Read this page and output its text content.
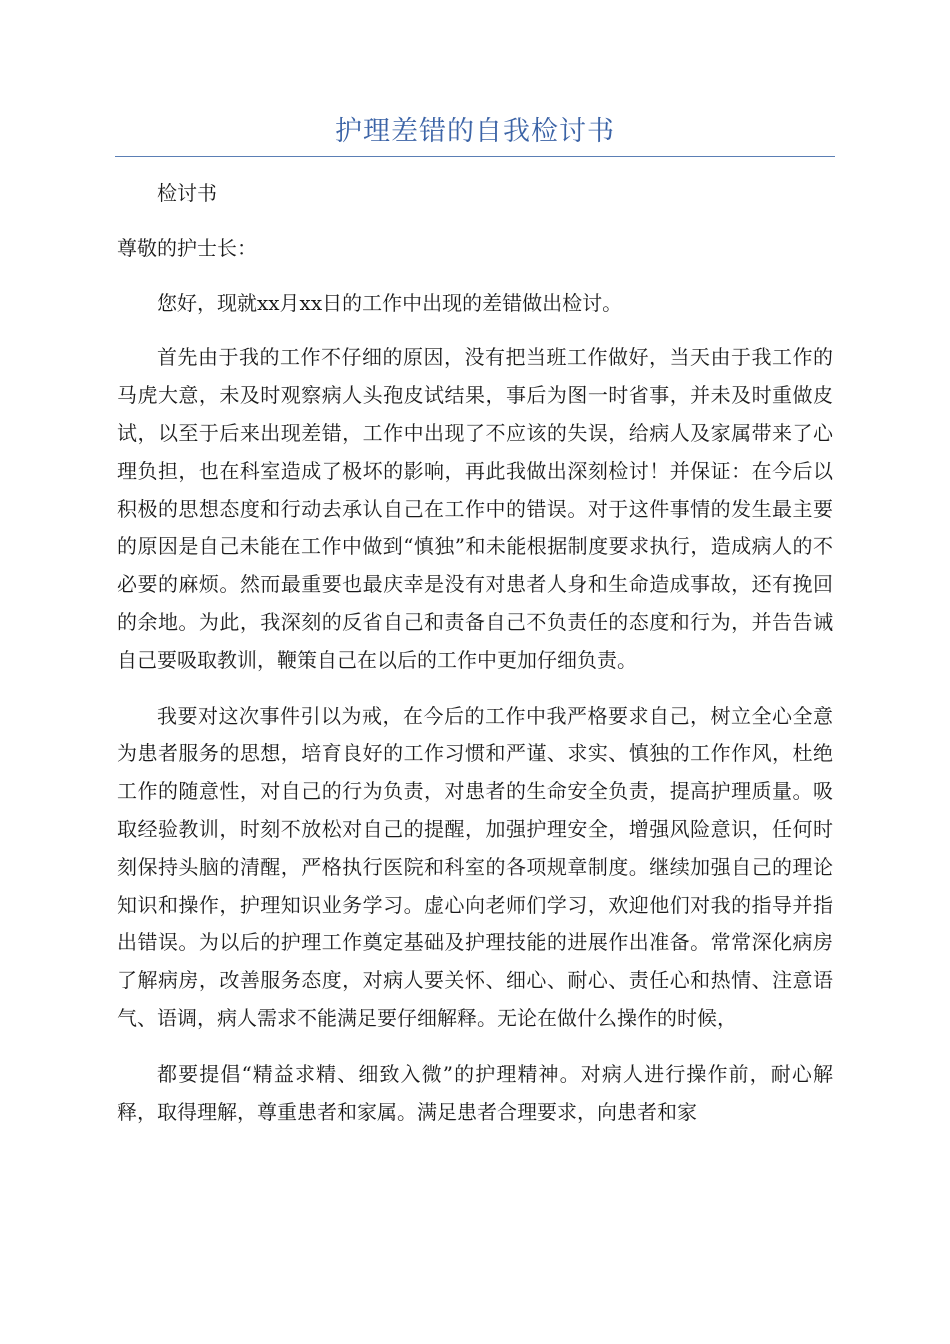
护理差错的自我检讨书

检讨书

尊敬的护士长：

您好，现就xx月xx日的工作中出现的差错做出检讨。

首先由于我的工作不仔细的原因，没有把当班工作做好，当天由于我工作的马虎大意，未及时观察病人头孢皮试结果，事后为图一时省事，并未及时重做皮试，以至于后来出现差错，工作中出现了不应该的失误，给病人及家属带来了心理负担，也在科室造成了极坏的影响，再此我做出深刻检讨！并保证：在今后以积极的思想态度和行动去承认自己在工作中的错误。对于这件事情的发生最主要的原因是自己未能在工作中做到“慎独”和未能根据制度要求执行，造成病人的不必要的麻烦。然而最重要也最庆幸是没有对患者人身和生命造成事故，还有挽回的余地。为此，我深刻的反省自己和责备自己不负责任的态度和行为，并告告诫自己要吸取教训，鞭策自己在以后的工作中更加仔细负责。

我要对这次事件引以为戒，在今后的工作中我严格要求自己，树立全心全意为患者服务的思想，培育良好的工作习惯和严谨、求实、慎独的工作作风，杜绝工作的随意性，对自己的行为负责，对患者的生命安全负责，提高护理质量。吸取经验教训，时刻不放松对自己的提醒，加强护理安全，增强风险意识，任何时刻保持头脑的清醒，严格执行医院和科室的各项规章制度。继续加强自己的理论知识和操作，护理知识业务学习。虚心向老师们学习，欢迎他们对我的指导并指出错误。为以后的护理工作奠定基础及护理技能的进展作出准备。常常深化病房了解病房，改善服务态度，对病人要关怀、细心、耐心、责任心和热情、注意语气、语调，病人需求不能满足要仔细解释。无论在做什么操作的时候，

都要提倡“精益求精、细致入微”的护理精神。对病人进行操作前，耐心解释，取得理解，尊重患者和家属。满足患者合理要求，向患者和家
